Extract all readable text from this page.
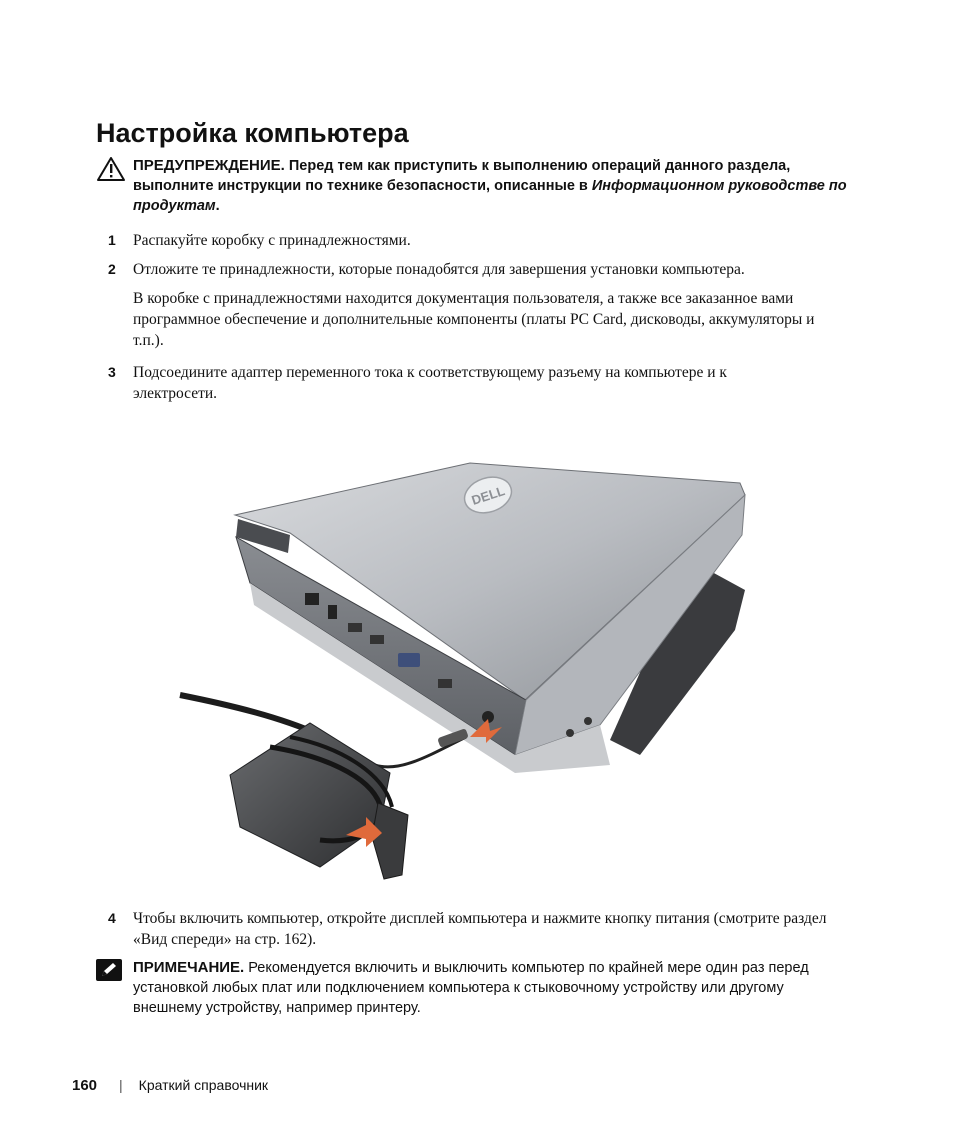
Настройка компьютера
ПРЕДУПРЕЖДЕНИЕ. Перед тем как приступить к выполнению операций данного раздела, выполните инструкции по технике безопасности, описанные в Информационном руководстве по продуктам.
1 Распакуйте коробку с принадлежностями.
2 Отложите те принадлежности, которые понадобятся для завершения установки компьютера.
В коробке с принадлежностями находится документация пользователя, а также все заказанное вами программное обеспечение и дополнительные компоненты (платы PC Card, дисководы, аккумуляторы и т.п.).
3 Подсоедините адаптер переменного тока к соответствующему разъему на компьютере и к электросети.
DELL
4 Чтобы включить компьютер, откройте дисплей компьютера и нажмите кнопку питания (смотрите раздел «Вид спереди» на стр. 162).
ПРИМЕЧАНИЕ. Рекомендуется включить и выключить компьютер по крайней мере один раз перед установкой любых плат или подключением компьютера к стыковочному устройству или другому внешнему устройству, например принтеру.
160 | Краткий справочник
